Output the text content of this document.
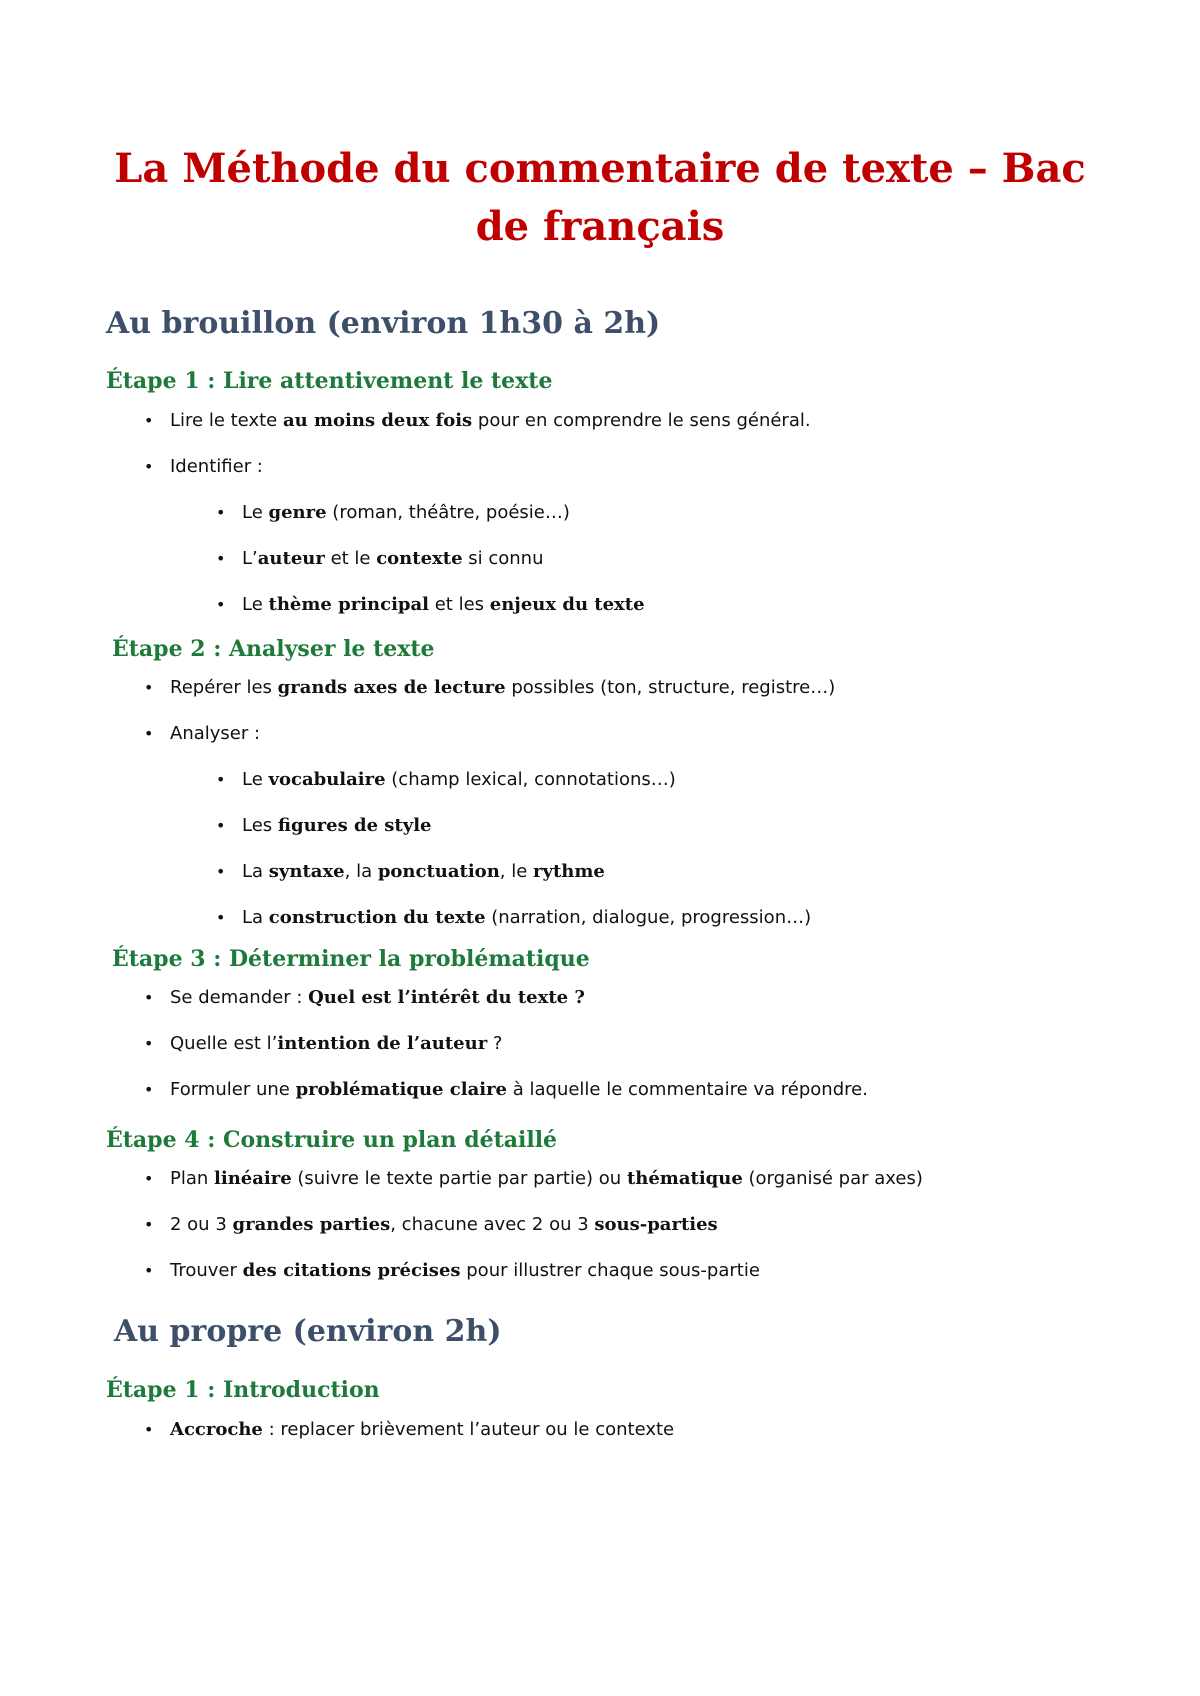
La Méthode du commentaire de texte – Bac de français
Au brouillon (environ 1h30 à 2h)
Étape 1 : Lire attentivement le texte
• Lire le texte au moins deux fois pour en comprendre le sens général.
• Identifier :
• Le genre (roman, théâtre, poésie…)
• L’auteur et le contexte si connu
• Le thème principal et les enjeux du texte
Étape 2 : Analyser le texte
• Repérer les grands axes de lecture possibles (ton, structure, registre…)
• Analyser :
• Le vocabulaire (champ lexical, connotations…)
• Les figures de style
• La syntaxe, la ponctuation, le rythme
• La construction du texte (narration, dialogue, progression…)
Étape 3 : Déterminer la problématique
• Se demander : Quel est l’intérêt du texte ?
• Quelle est l’intention de l’auteur ?
• Formuler une problématique claire à laquelle le commentaire va répondre.
Étape 4 : Construire un plan détaillé
• Plan linéaire (suivre le texte partie par partie) ou thématique (organisé par axes)
• 2 ou 3 grandes parties, chacune avec 2 ou 3 sous-parties
• Trouver des citations précises pour illustrer chaque sous-partie
Au propre (environ 2h)
Étape 1 : Introduction
• Accroche : replacer brièvement l’auteur ou le contexte
